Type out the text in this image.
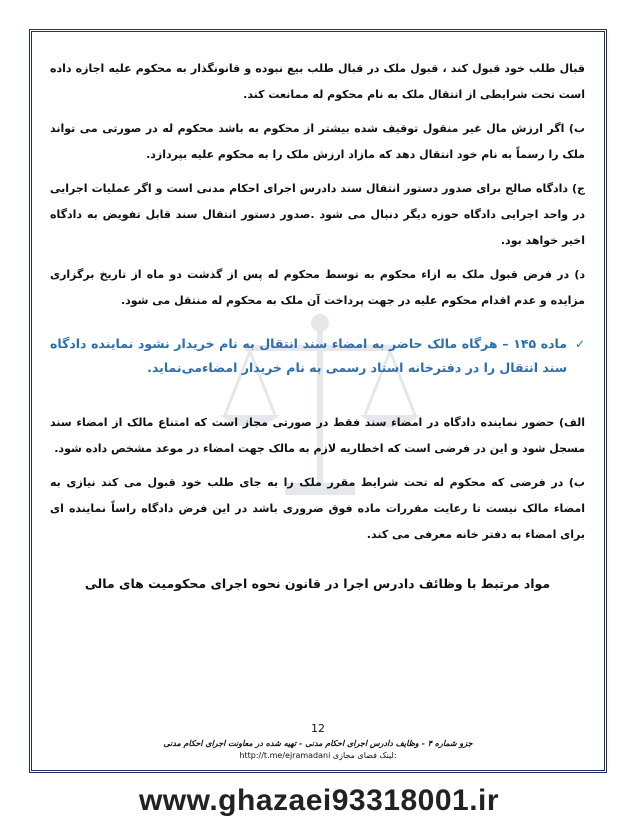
قبال طلب خود قبول کند ، قبول ملک در قبال طلب بیع نبوده و قانونگذار به محکوم علیه اجازه داده است تحت شرایطی از انتقال ملک به نام محکوم له ممانعت کند.

ب) اگر ارزش مال غیر منقول توقیف شده بیشتر از محکوم به باشد محکوم له در صورتی می تواند ملک را رسماً به نام خود انتقال دهد که مازاد ارزش ملک را به محکوم علیه بپردازد.

ج) دادگاه صالح برای صدور دستور انتقال سند دادرس اجرای احکام مدنی است و اگر عملیات اجرایی در واحد اجرایی دادگاه حوزه دیگر دنبال می شود .صدور دستور انتقال سند قابل تفویض به دادگاه اخیر خواهد بود.

د) در فرض قبول ملک به ازاء محکوم به توسط محکوم له پس از گذشت دو ماه از تاریخ برگزاری مزایده و عدم اقدام محکوم علیه در جهت پرداخت آن ملک به محکوم له منتقل می شود.

✓
ماده ۱۴۵ – هرگاه مالک حاضر به امضاء سند انتقال به نام خریدار نشود نماینده دادگاه سند انتقال را در دفترخانه اسناد رسمی به نام خریدار امضاءمی‌نماید.

الف) حضور نماینده دادگاه در امضاء سند فقط در صورتی مجاز است که امتناع مالک از امضاء سند مسجل شود و این در فرضی است که اخطاریه لازم به مالک جهت امضاء در موعد مشخص داده شود.

ب) در فرضی که محکوم له تحت شرایط مقرر ملک را به جای طلب خود قبول می کند نیازی به امضاء مالک نیست تا رعایت مقررات ماده فوق ضروری باشد در این فرض دادگاه راساً نماینده ای برای امضاء به دفتر خانه معرفی می کند.

مواد مرتبط با وظائف دادرس اجرا در قانون نحوه اجرای محکومیت های مالی
12
جزو شماره ۴ - وظایف دادرس اجرای احکام مدنی - تهیه شده در معاونت اجرای احکام مدنی
لینک فضای مجازی: http://t.me/ejramadani
www.ghazaei93318001.ir
